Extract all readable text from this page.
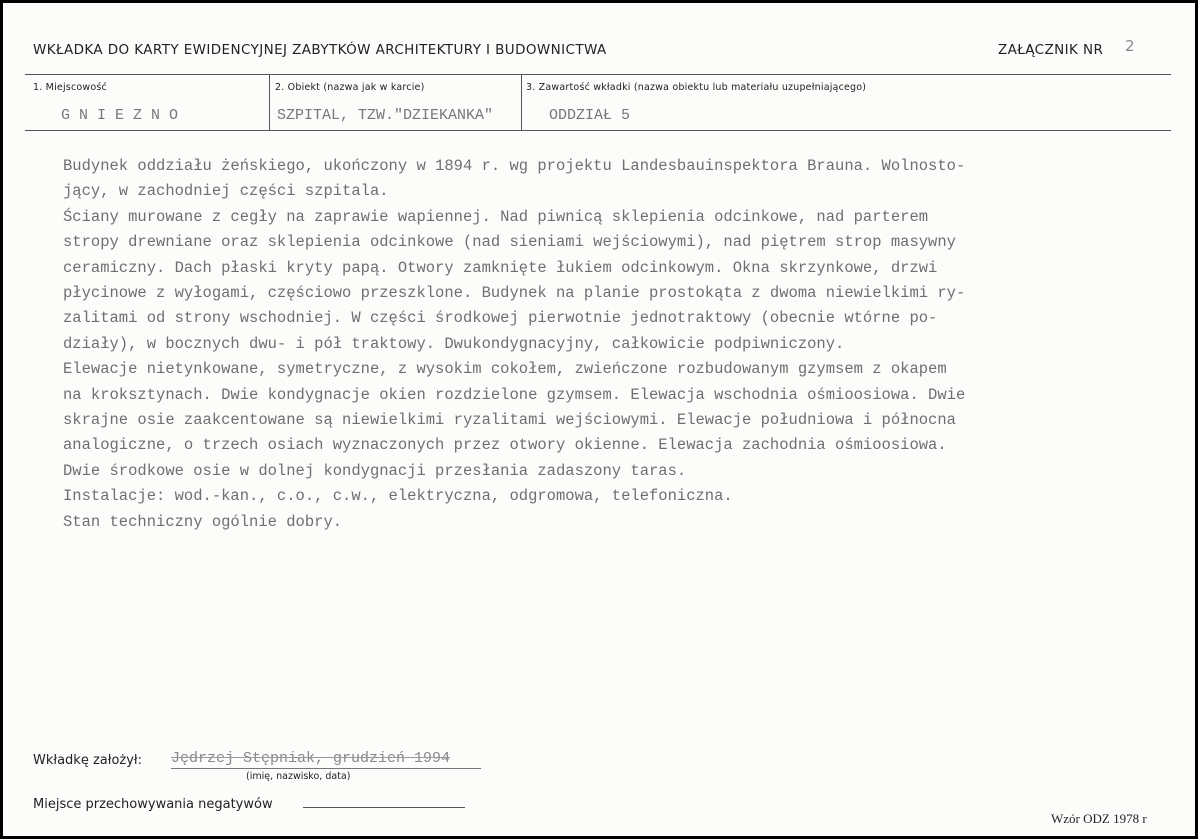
WKŁADKA DO KARTY EWIDENCYJNEJ ZABYTKÓW ARCHITEKTURY I BUDOWNICTWA	ZAŁĄCZNIK NR 2
1. Miejscowość	2. Obiekt (nazwa jak w karcie)	3. Zawartość wkładki (nazwa obiektu lub materiału uzupełniającego)
G N I E Z N O	SZPITAL, TZW."DZIEKANKA"	ODDZIAŁ 5
Budynek oddziału żeńskiego, ukończony w 1894 r. wg projektu Landesbauinspektora Brauna. Wolnosto-
jący, w zachodniej części szpitala.
Ściany murowane z cegły na zaprawie wapiennej. Nad piwnicą sklepienia odcinkowe, nad parterem
stropy drewniane oraz sklepienia odcinkowe (nad sieniami wejściowymi), nad piętrem strop masywny
ceramiczny. Dach płaski kryty papą. Otwory zamknięte łukiem odcinkowym. Okna skrzynkowe, drzwi
płycinowe z wyłogami, częściowo przeszklone. Budynek na planie prostokąta z dwoma niewielkimi ry-
zalitami od strony wschodniej. W części środkowej pierwotnie jednotraktowy (obecnie wtórne po-
działy), w bocznych dwu- i pół traktowy. Dwukondygnacyjny, całkowicie podpiwniczony.
Elewacje nietynkowane, symetryczne, z wysokim cokołem, zwieńczone rozbudowanym gzymsem z okapem
na kroksztynach. Dwie kondygnacje okien rozdzielone gzymsem. Elewacja wschodnia ośmioosiowa. Dwie
skrajne osie zaakcentowane są niewielkimi ryzalitami wejściowymi. Elewacje południowa i północna
analogiczne, o trzech osiach wyznaczonych przez otwory okienne. Elewacja zachodnia ośmioosiowa.
Dwie środkowe osie w dolnej kondygnacji przesłania zadaszony taras.
Instalacje: wod.-kan., c.o., c.w., elektryczna, odgromowa, telefoniczna.
Stan techniczny ogólnie dobry.
Wkładkę założył: Jędrzej Stępniak, grudzień 1994
(imię, nazwisko, data)
Miejsce przechowywania negatywów
Wzór ODZ 1978 r
